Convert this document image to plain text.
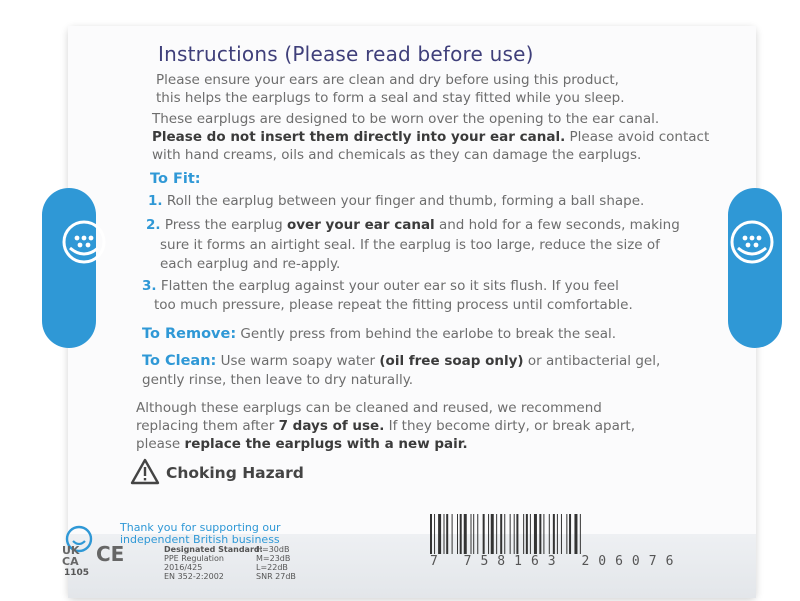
Instructions (Please read before use)
Please ensure your ears are clean and dry before using this product,
this helps the earplugs to form a seal and stay fitted while you sleep.
These earplugs are designed to be worn over the opening to the ear canal.
Please do not insert them directly into your ear canal. Please avoid contact
with hand creams, oils and chemicals as they can damage the earplugs.
To Fit:
1. Roll the earplug between your finger and thumb, forming a ball shape.
2. Press the earplug over your ear canal and hold for a few seconds, making
sure it forms an airtight seal. If the earplug is too large, reduce the size of
each earplug and re-apply.
3. Flatten the earplug against your outer ear so it sits flush. If you feel
too much pressure, please repeat the fitting process until comfortable.
To Remove: Gently press from behind the earlobe to break the seal.
To Clean: Use warm soapy water (oil free soap only) or antibacterial gel,
gently rinse, then leave to dry naturally.
Although these earplugs can be cleaned and reused, we recommend
replacing them after 7 days of use. If they become dirty, or break apart,
please replace the earplugs with a new pair.
Choking Hazard
Thank you for supporting our
independent British business
UK
CA CE
1105
Designated Standard:
PPE Regulation
2016/425
EN 352-2:2002
H=30dB
M=23dB
L=22dB
SNR 27dB
7 758163 206076
